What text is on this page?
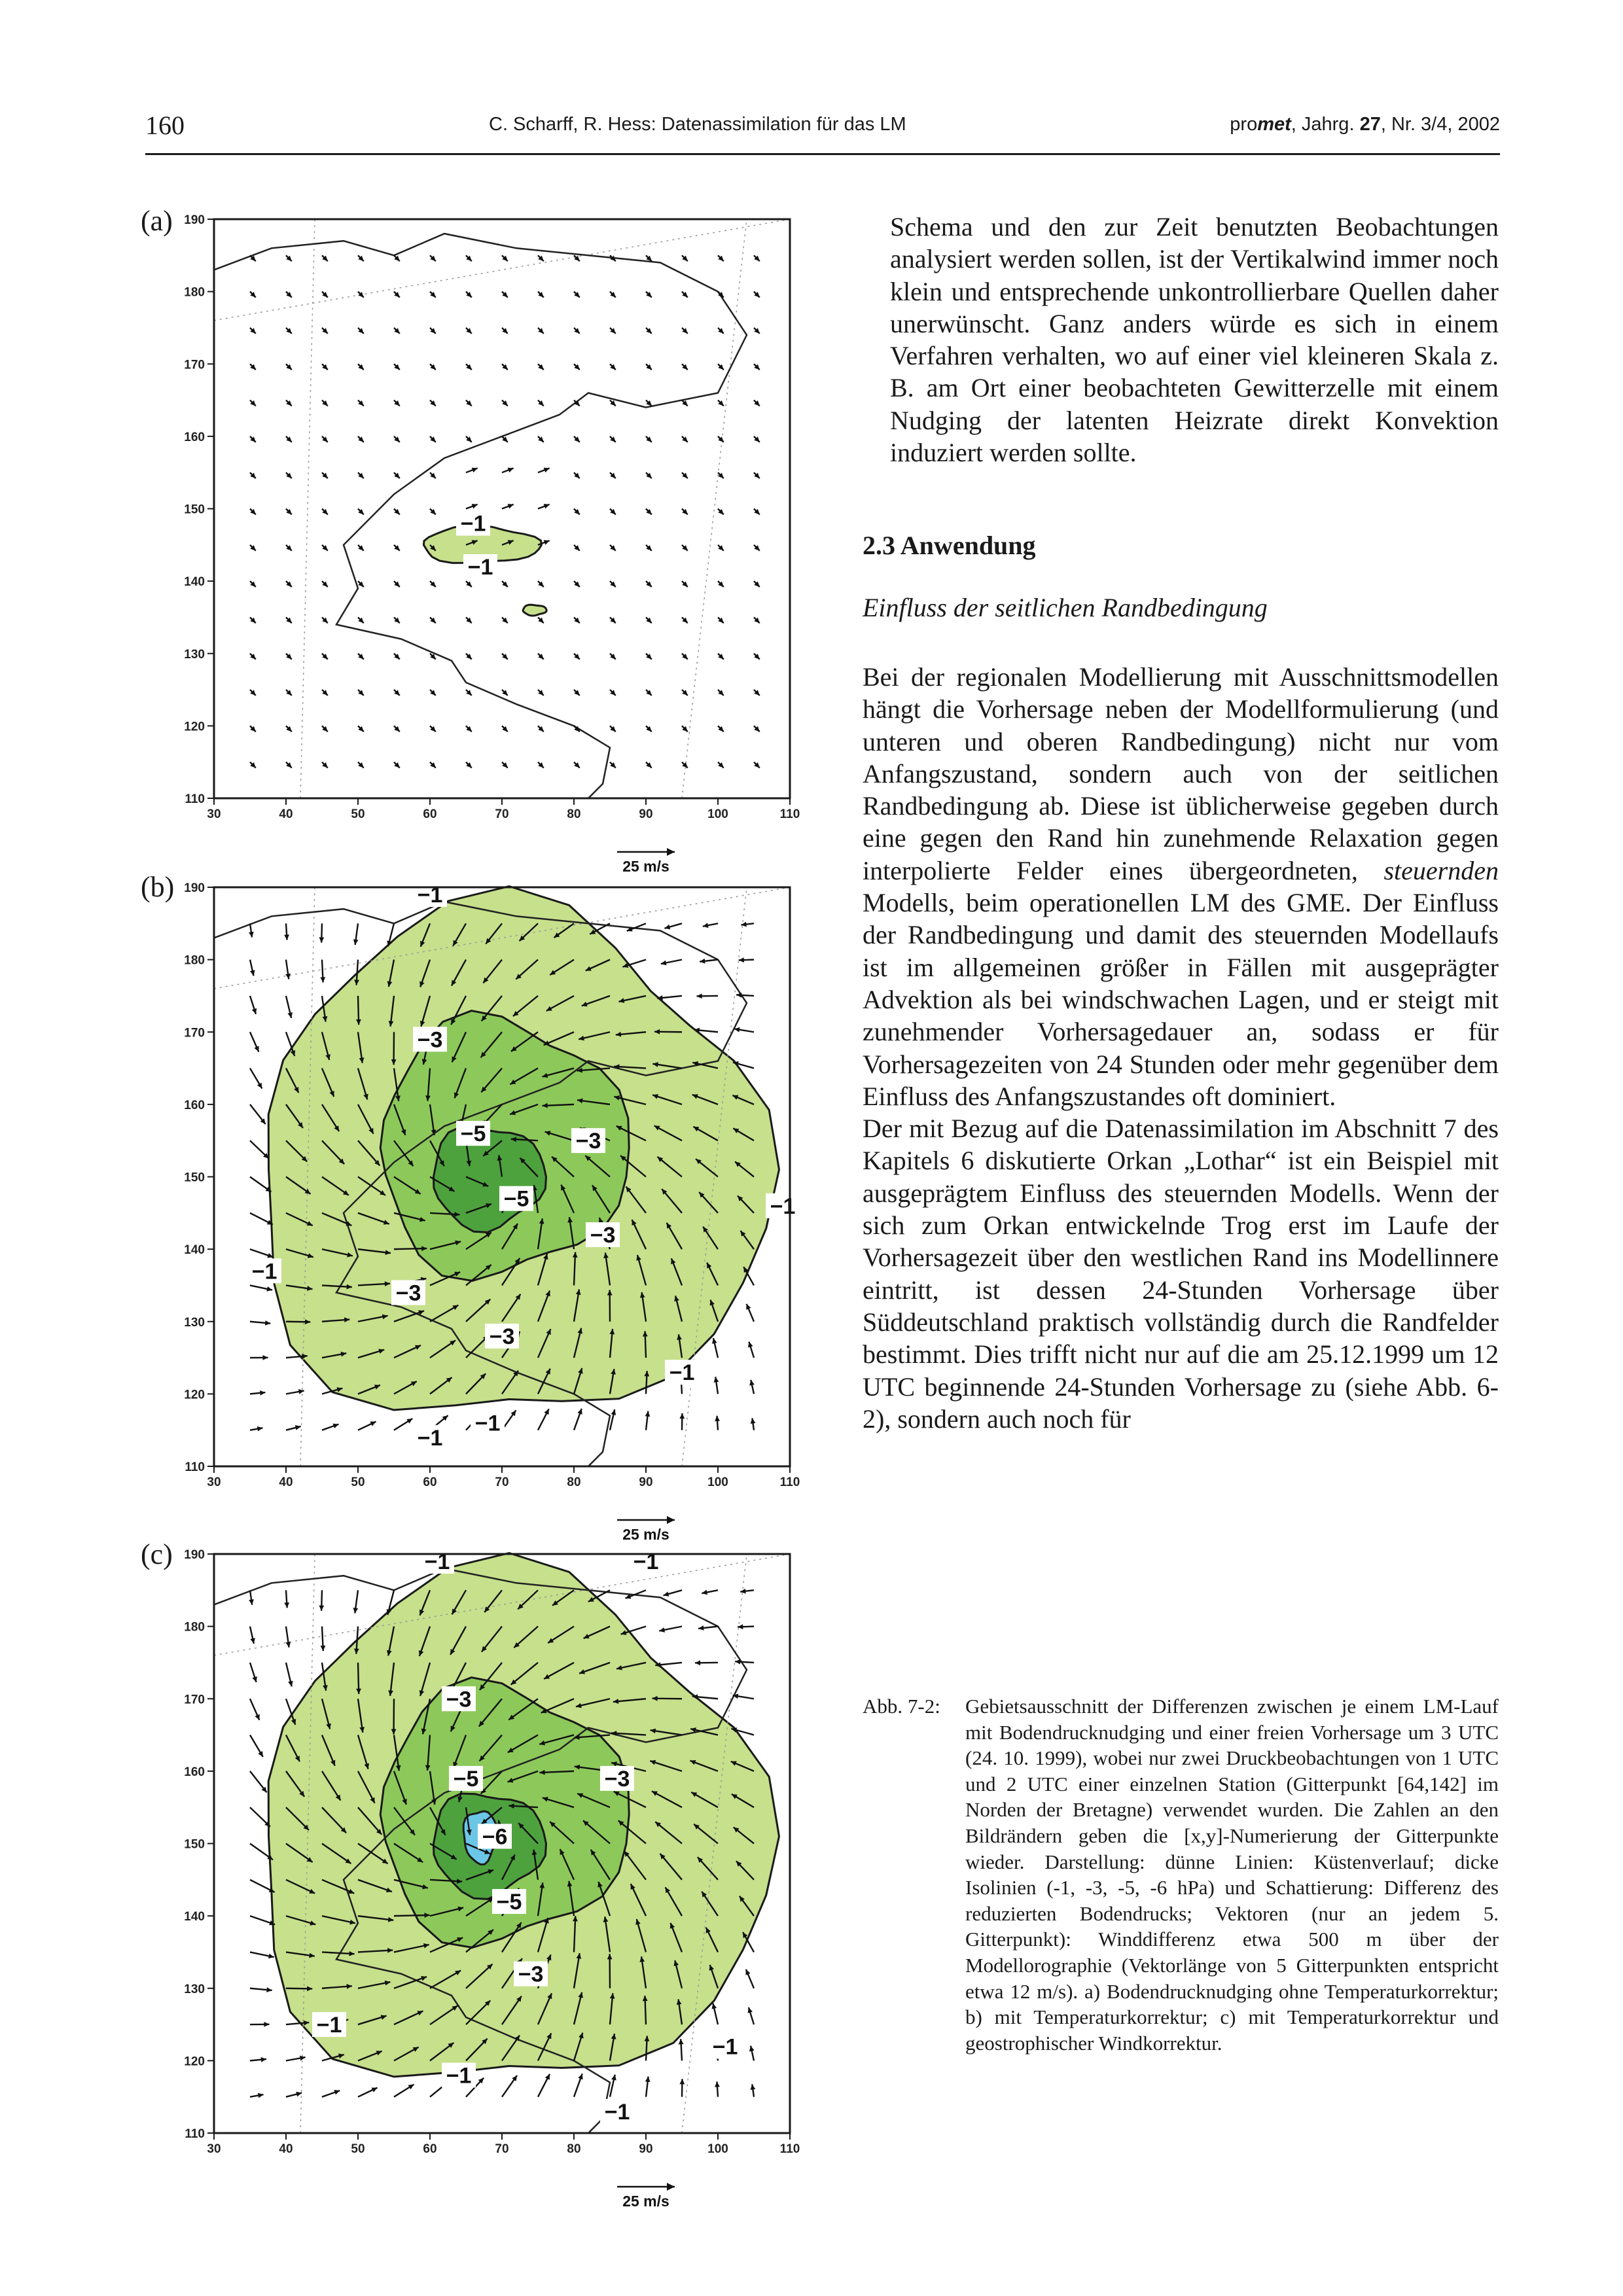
160	C. Scharff, R. Hess: Datenassimilation für das LM	promet, Jahrg. 27, Nr. 3/4, 2002
(a)
−1
−1
30	40	50	60	70	80	90	100	110
190
180
170
160
150
140
130
120
110
25 m/s
(b)	−1
−3
−5
−5
−3
−3
−1
−1
−3
−3
−1
−1
−1
30	40	50	60	70	80	90	100	110
190
180
170
160
150
140
130
120
110
25 m/s
(c)	−1	−1
−3
−5	−3
−6
−5
−3
−1
−1
−1
−1
30	40	50	60	70	80	90	100	110
190
180
170
160
150
140
130
120
110
25 m/s

Schema und den zur Zeit benutzten Beobachtungen analysiert werden sollen, ist der Vertikalwind immer noch klein und entsprechende unkontrollierbare Quellen daher unerwünscht. Ganz anders würde es sich in einem Verfahren verhalten, wo auf einer viel kleineren Skala z. B. am Ort einer beobachteten Gewitterzelle mit einem Nudging der latenten Heizrate direkt Konvektion induziert werden sollte.

2.3 Anwendung
Einfluss der seitlichen Randbedingung

Bei der regionalen Modellierung mit Ausschnittsmodellen hängt die Vorhersage neben der Modellformulierung (und unteren und oberen Randbedingung) nicht nur vom Anfangszustand, sondern auch von der seitlichen Randbedingung ab. Diese ist üblicherweise gegeben durch eine gegen den Rand hin zunehmende Relaxation gegen interpolierte Felder eines übergeordneten, steuernden Modells, beim operationellen LM des GME. Der Einfluss der Randbedingung und damit des steuernden Modellaufs ist im allgemeinen größer in Fällen mit ausgeprägter Advektion als bei windschwachen Lagen, und er steigt mit zunehmender Vorhersagedauer an, sodass er für Vorhersagezeiten von 24 Stunden oder mehr gegenüber dem Einfluss des Anfangszustandes oft dominiert.

Der mit Bezug auf die Datenassimilation im Abschnitt 7 des Kapitels 6 diskutierte Orkan „Lothar“ ist ein Beispiel mit ausgeprägtem Einfluss des steuernden Modells. Wenn der sich zum Orkan entwickelnde Trog erst im Laufe der Vorhersagezeit über den westlichen Rand ins Modellinnere eintritt, ist dessen 24-Stunden Vorhersage über Süddeutschland praktisch vollständig durch die Randfelder bestimmt. Dies trifft nicht nur auf die am 25.12.1999 um 12 UTC beginnende 24-Stunden Vorhersage zu (siehe Abb. 6-2), sondern auch noch für

Abb. 7-2: Gebietsausschnitt der Differenzen zwischen je einem LM-Lauf mit Bodendrucknudging und einer freien Vorhersage um 3 UTC (24. 10. 1999), wobei nur zwei Druckbeobachtungen von 1 UTC und 2 UTC einer einzelnen Station (Gitterpunkt [64,142] im Norden der Bretagne) verwendet wurden. Die Zahlen an den Bildrändern geben die [x,y]-Numerierung der Gitterpunkte wieder. Darstellung: dünne Linien: Küstenverlauf; dicke Isolinien (-1, -3, -5, -6 hPa) und Schattierung: Differenz des reduzierten Bodendrucks; Vektoren (nur an jedem 5. Gitterpunkt): Winddifferenz etwa 500 m über der Modellorographie (Vektorlänge von 5 Gitterpunkten entspricht etwa 12 m/s). a) Bodendrucknudging ohne Temperaturkorrektur; b) mit Temperaturkorrektur; c) mit Temperaturkorrektur und geostrophischer Windkorrektur.
